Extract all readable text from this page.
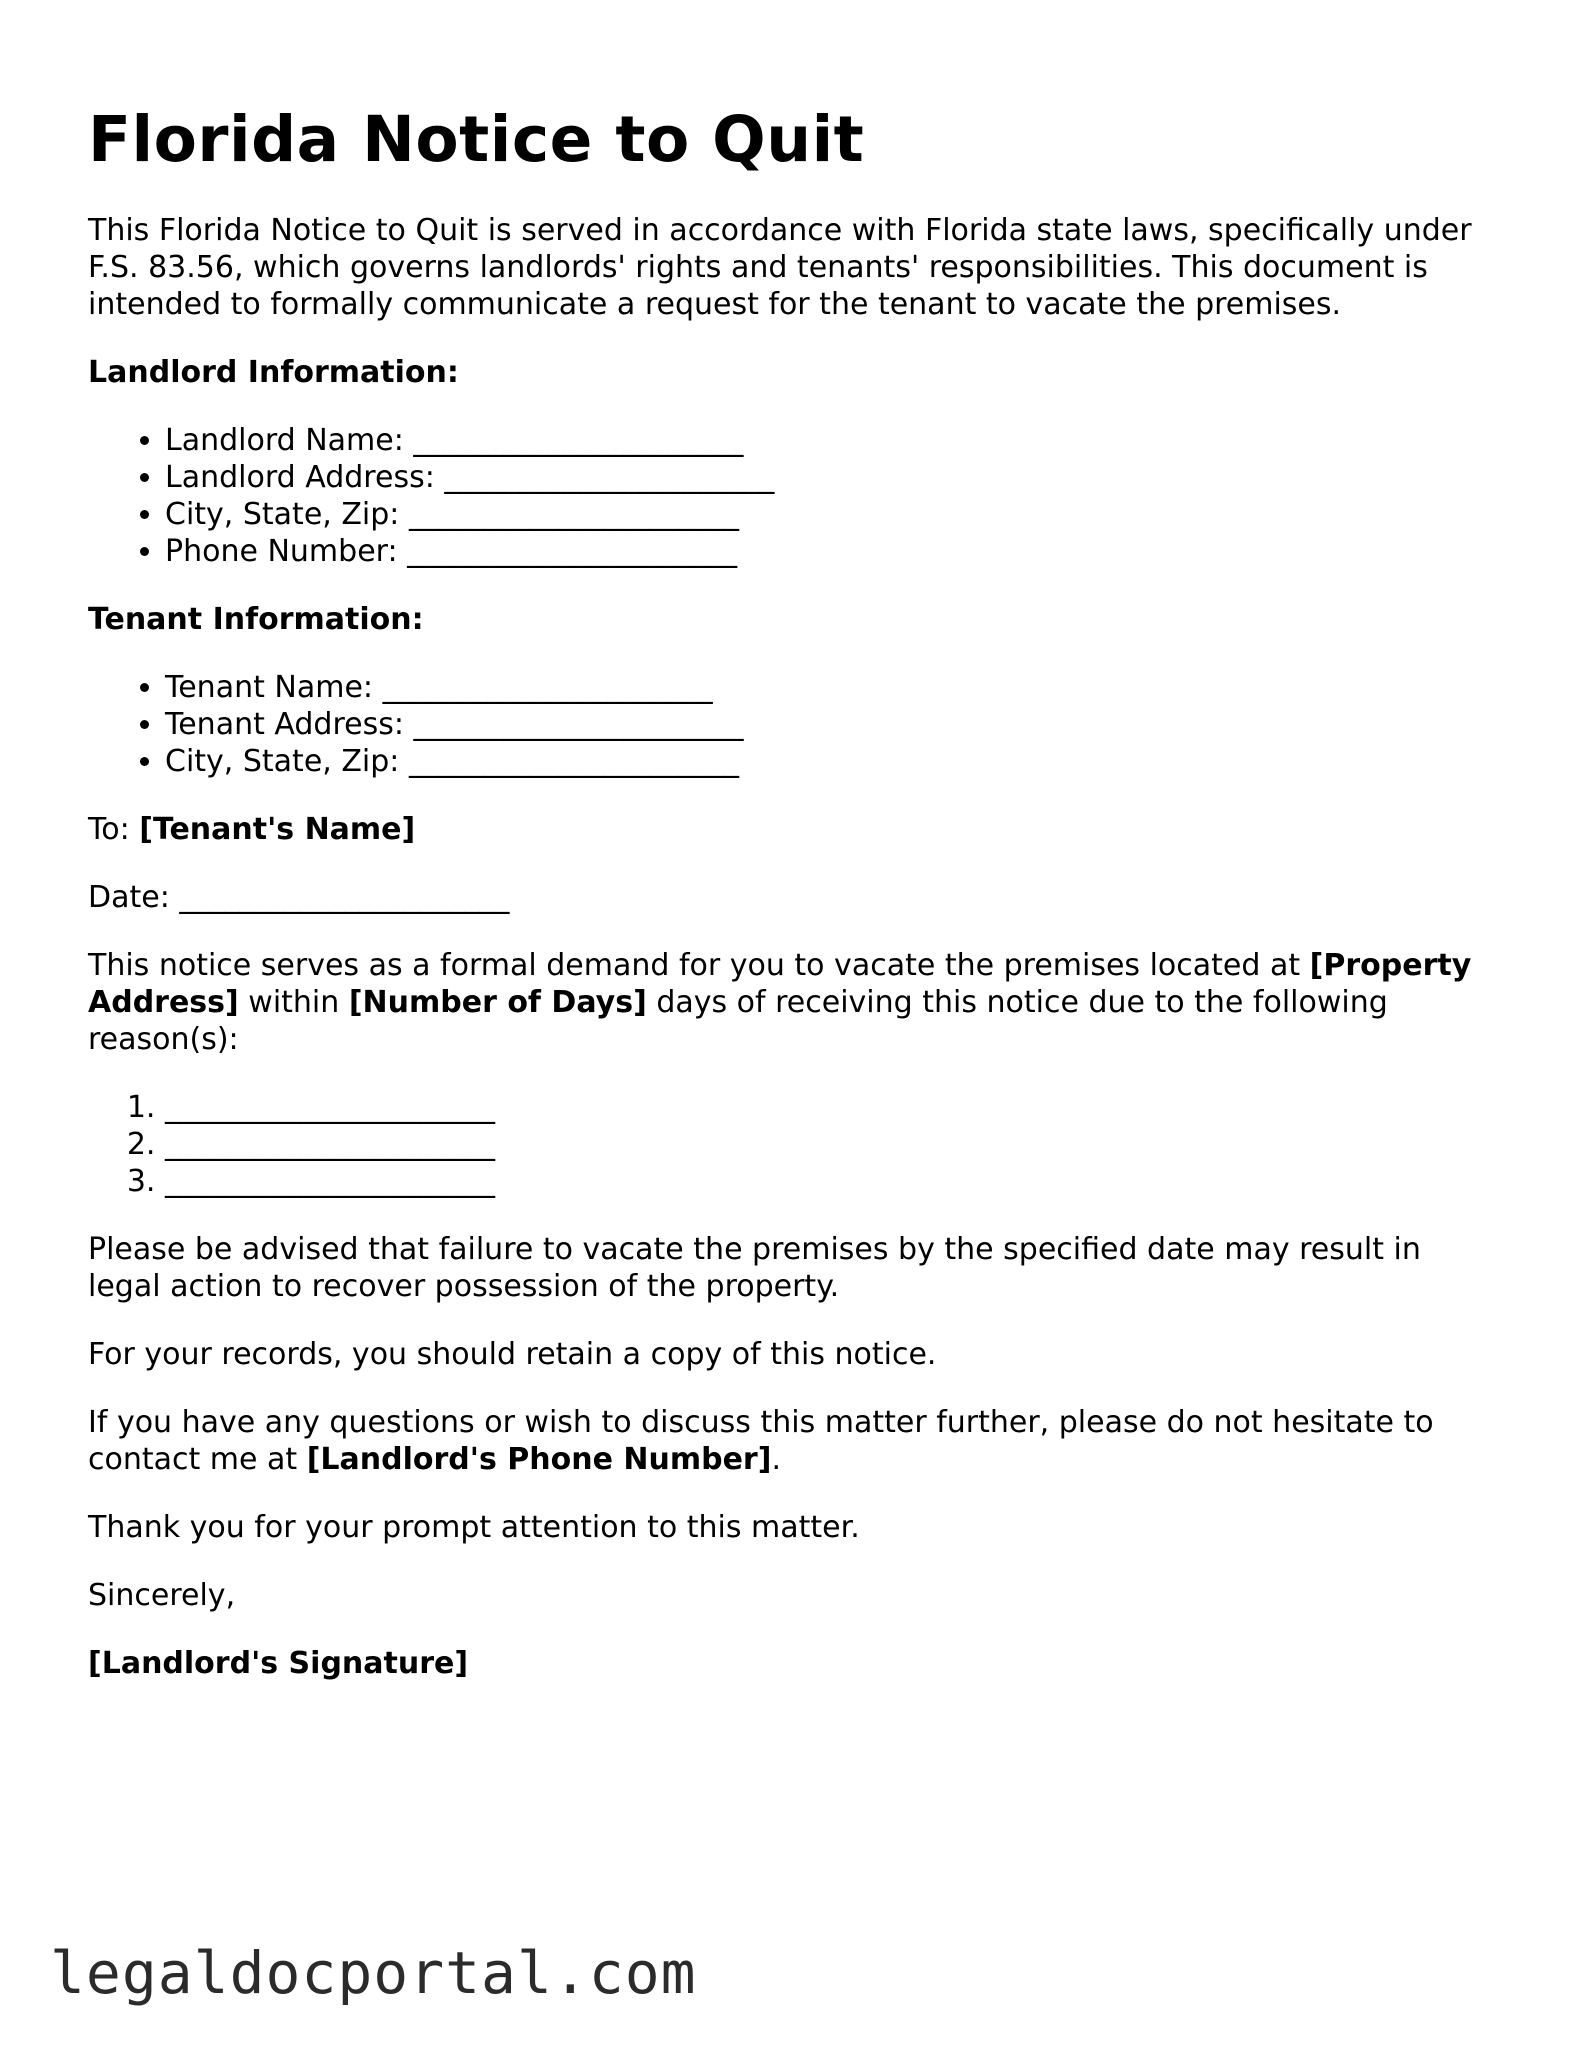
Florida Notice to Quit

This Florida Notice to Quit is served in accordance with Florida state laws, specifically under F.S. 83.56, which governs landlords' rights and tenants' responsibilities. This document is intended to formally communicate a request for the tenant to vacate the premises.

Landlord Information:
• Landlord Name: ______________________
• Landlord Address: ______________________
• City, State, Zip: ______________________
• Phone Number: ______________________
Tenant Information:
• Tenant Name: ______________________
• Tenant Address: ______________________
• City, State, Zip: ______________________

To: [Tenant's Name]

Date: ______________________

This notice serves as a formal demand for you to vacate the premises located at [Property Address] within [Number of Days] days of receiving this notice due to the following reason(s):

1. ______________________
2. ______________________
3. ______________________

Please be advised that failure to vacate the premises by the specified date may result in legal action to recover possession of the property.

For your records, you should retain a copy of this notice.

If you have any questions or wish to discuss this matter further, please do not hesitate to contact me at [Landlord's Phone Number].

Thank you for your prompt attention to this matter.

Sincerely,

[Landlord's Signature]

legaldocportal.com
